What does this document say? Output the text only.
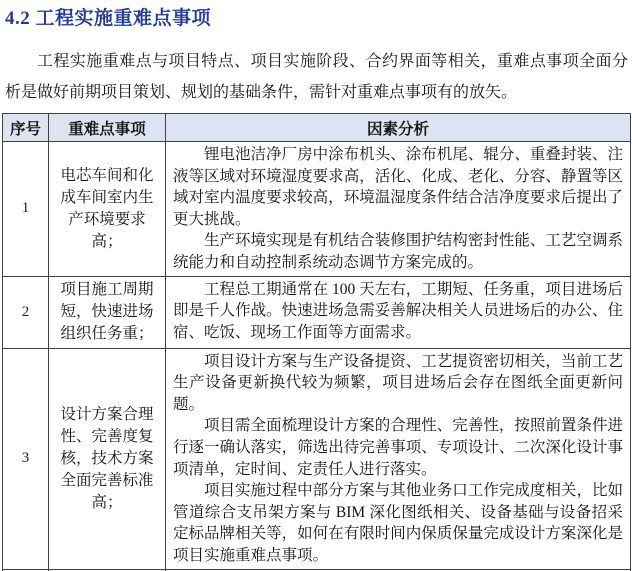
4.2 工程实施重难点事项

工程实施重难点与项目特点、项目实施阶段、合约界面等相关，重难点事项全面分析是做好前期项目策划、规划的基础条件，需针对重难点事项有的放矢。

序号	重难点事项	因素分析
1	电芯车间和化成车间室内生产环境要求高；	锂电池洁净厂房中涂布机头、涂布机尾、辊分、重叠封装、注液等区域对环境湿度要求高，活化、化成、老化、分容、静置等区域对室内温度要求较高，环境温湿度条件结合洁净度要求后提出了更大挑战。

生产环境实现是有机结合装修围护结构密封性能、工艺空调系统能力和自动控制系统动态调节方案完成的。

2	项目施工周期短，快速进场组织任务重；	工程总工期通常在 100 天左右，工期短、任务重，项目进场后即是千人作战。快速进场急需妥善解决相关人员进场后的办公、住宿、吃饭、现场工作面等方面需求。

3	设计方案合理性、完善度复核，技术方案全面完善标准高；	项目设计方案与生产设备提资、工艺提资密切相关，当前工艺生产设备更新换代较为频繁，项目进场后会存在图纸全面更新问题。

项目需全面梳理设计方案的合理性、完善性，按照前置条件进行逐一确认落实，筛选出待完善事项、专项设计、二次深化设计事项清单，定时间、定责任人进行落实。

项目实施过程中部分方案与其他业务口工作完成度相关，比如管道综合支吊架方案与 BIM 深化图纸相关、设备基础与设备招采定标品牌相关等，如何在有限时间内保质保量完成设计方案深化是项目实施重难点事项。
